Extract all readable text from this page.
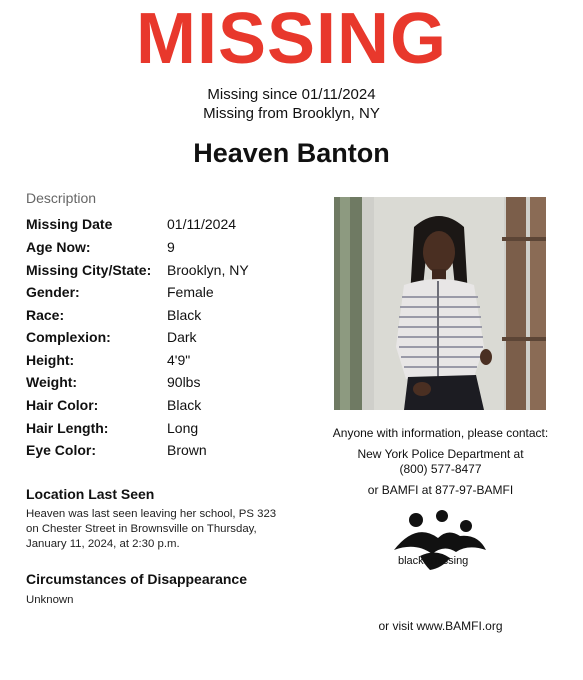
MISSING
Missing since 01/11/2024
Missing from Brooklyn, NY
Heaven Banton
Description
Missing Date	01/11/2024
Age Now:	9
Missing City/State: Brooklyn, NY
Gender:	Female
Race:	Black
Complexion:	Dark
Height:	4'9"
Weight:	90lbs
Hair Color:	Black
Hair Length:	Long
Eye Color:	Brown
Location Last Seen
Heaven was last seen leaving her school, PS 323
on Chester Street in Brownsville on Thursday,
January 11, 2024, at 2:30 p.m.
Circumstances of Disappearance
Unknown
Anyone with information, please contact:
New York Police Department at
(800) 577-8477
or BAMFI at 877-97-BAMFI
black&missing
or visit www.BAMFI.org
